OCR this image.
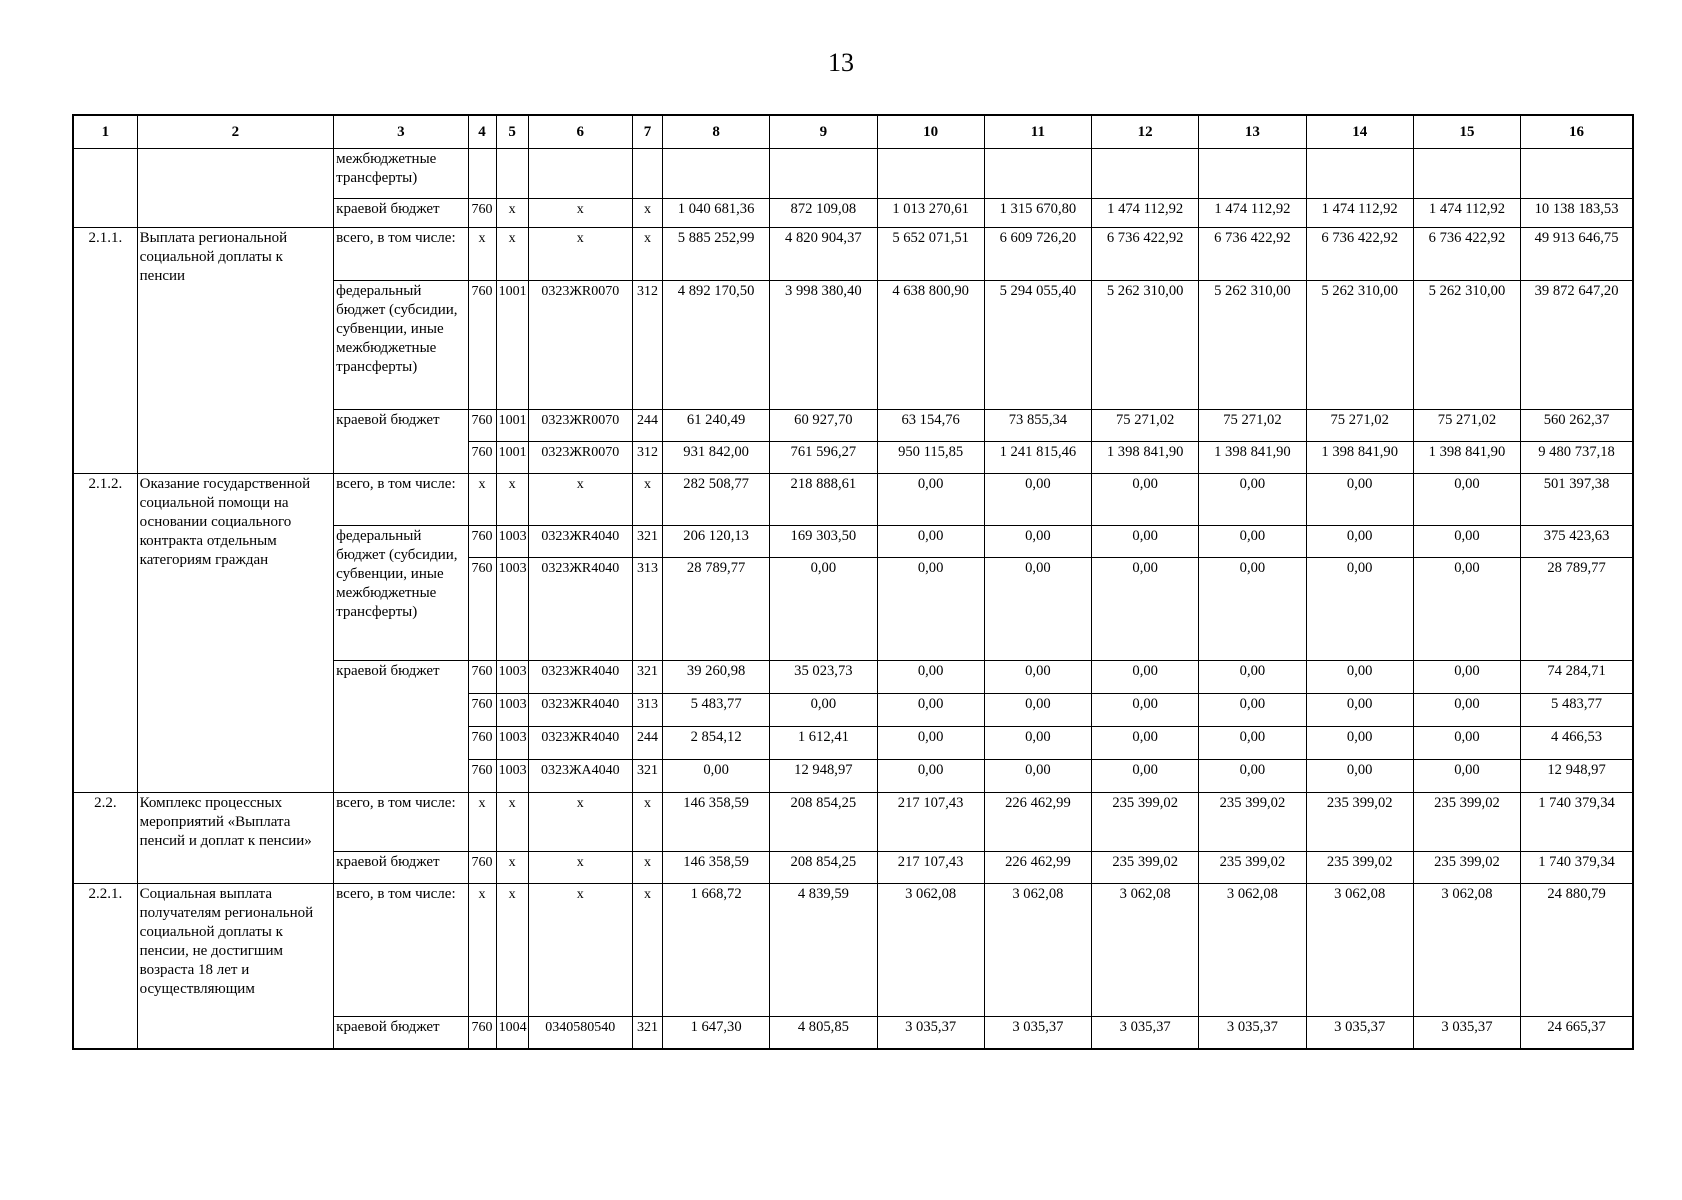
13
1	2	3	4	5	6	7	8	9	10	11	12	13	14	15	16
		межбюджетные трансферты)													
		краевой бюджет	760	х	х	х	1 040 681,36	872 109,08	1 013 270,61	1 315 670,80	1 474 112,92	1 474 112,92	1 474 112,92	1 474 112,92	10 138 183,53
2.1.1.	Выплата региональной социальной доплаты к пенсии	всего, в том числе:	х	х	х	х	5 885 252,99	4 820 904,37	5 652 071,51	6 609 726,20	6 736 422,92	6 736 422,92	6 736 422,92	6 736 422,92	49 913 646,75
		федеральный бюджет (субсидии, субвенции, иные межбюджетные трансферты)	760	1001	0323ЖR0070	312	4 892 170,50	3 998 380,40	4 638 800,90	5 294 055,40	5 262 310,00	5 262 310,00	5 262 310,00	5 262 310,00	39 872 647,20
		краевой бюджет	760	1001	0323ЖR0070	244	61 240,49	60 927,70	63 154,76	73 855,34	75 271,02	75 271,02	75 271,02	75 271,02	560 262,37
			760	1001	0323ЖR0070	312	931 842,00	761 596,27	950 115,85	1 241 815,46	1 398 841,90	1 398 841,90	1 398 841,90	1 398 841,90	9 480 737,18
2.1.2.	Оказание государственной социальной помощи на основании социального контракта отдельным категориям граждан	всего, в том числе:	х	х	х	х	282 508,77	218 888,61	0,00	0,00	0,00	0,00	0,00	0,00	501 397,38
		федеральный бюджет (субсидии, субвенции, иные межбюджетные трансферты)	760	1003	0323ЖR4040	321	206 120,13	169 303,50	0,00	0,00	0,00	0,00	0,00	0,00	375 423,63
			760	1003	0323ЖR4040	313	28 789,77	0,00	0,00	0,00	0,00	0,00	0,00	0,00	28 789,77
		краевой бюджет	760	1003	0323ЖR4040	321	39 260,98	35 023,73	0,00	0,00	0,00	0,00	0,00	0,00	74 284,71
			760	1003	0323ЖR4040	313	5 483,77	0,00	0,00	0,00	0,00	0,00	0,00	0,00	5 483,77
			760	1003	0323ЖR4040	244	2 854,12	1 612,41	0,00	0,00	0,00	0,00	0,00	0,00	4 466,53
			760	1003	0323ЖА4040	321	0,00	12 948,97	0,00	0,00	0,00	0,00	0,00	0,00	12 948,97
2.2.	Комплекс процессных мероприятий «Выплата пенсий и доплат к пенсии»	всего, в том числе:	х	х	х	х	146 358,59	208 854,25	217 107,43	226 462,99	235 399,02	235 399,02	235 399,02	235 399,02	1 740 379,34
		краевой бюджет	760	х	х	х	146 358,59	208 854,25	217 107,43	226 462,99	235 399,02	235 399,02	235 399,02	235 399,02	1 740 379,34
2.2.1.	Социальная выплата получателям региональной социальной доплаты к пенсии, не достигшим возраста 18 лет и осуществляющим	всего, в том числе:	х	х	х	х	1 668,72	4 839,59	3 062,08	3 062,08	3 062,08	3 062,08	3 062,08	3 062,08	24 880,79
		краевой бюджет	760	1004	0340580540	321	1 647,30	4 805,85	3 035,37	3 035,37	3 035,37	3 035,37	3 035,37	3 035,37	24 665,37
